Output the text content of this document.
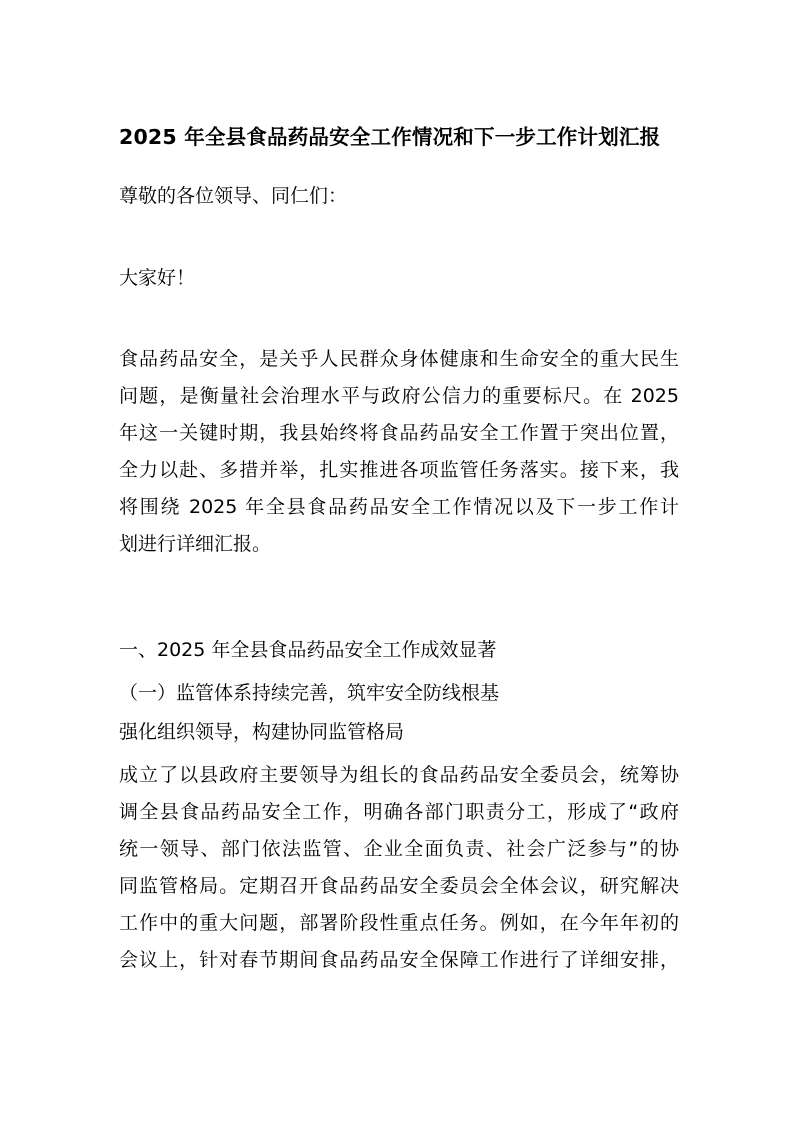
2025 年全县食品药品安全工作情况和下一步工作计划汇报
尊敬的各位领导、同仁们：
大家好！
食品药品安全，是关乎人民群众身体健康和生命安全的重大民生
问题，是衡量社会治理水平与政府公信力的重要标尺。在 2025
年这一关键时期，我县始终将食品药品安全工作置于突出位置，
全力以赴、多措并举，扎实推进各项监管任务落实。接下来，我
将围绕 2025 年全县食品药品安全工作情况以及下一步工作计
划进行详细汇报。
一、2025 年全县食品药品安全工作成效显著
（一）监管体系持续完善，筑牢安全防线根基
强化组织领导，构建协同监管格局
成立了以县政府主要领导为组长的食品药品安全委员会，统筹协
调全县食品药品安全工作，明确各部门职责分工，形成了“政府
统一领导、部门依法监管、企业全面负责、社会广泛参与”的协
同监管格局。定期召开食品药品安全委员会全体会议，研究解决
工作中的重大问题，部署阶段性重点任务。例如，在今年年初的
会议上，针对春节期间食品药品安全保障工作进行了详细安排，
